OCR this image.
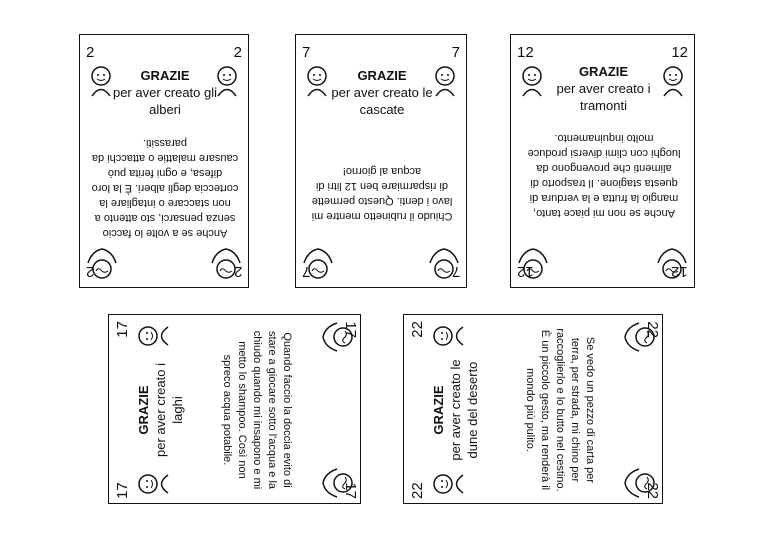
2	2
GRAZIE
per aver creato gli
alberi
Anche se a volte lo faccio senza pensarci, sto attento a non staccare o intagliare la corteccia degli alberi. È la loro difesa, e ogni ferita può causare malattie o attacchi da parassiti.
2	2
7	7
GRAZIE
per aver creato le
cascate
Chiudo il rubinetto mentre mi lavo i denti. Questo permette di risparmiare ben 12 litri di acqua al giorno!
7	7
12	12
GRAZIE
per aver creato i
tramonti
Anche se non mi piace tanto, mangio la frutta e la verdura di questa stagione. Il trasporto di alimenti che provengono da luoghi con climi diversi produce molto inquinamento.
12	12
17
17
GRAZIE per aver creato i laghi	Quando faccio la doccia evito di stare a giocare sotto l'acqua e la chiudo quando mi insapono e mi metto lo shampoo. Così non spreco acqua potabile.
17
17
22
22
GRAZIE per aver creato le dune del deserto	Se vedo un pezzo di carta per terra, per strada, mi chino per raccoglierlo e lo butto nel cestino. È un piccolo gesto, ma renderà il mondo più pulito.
22
22
